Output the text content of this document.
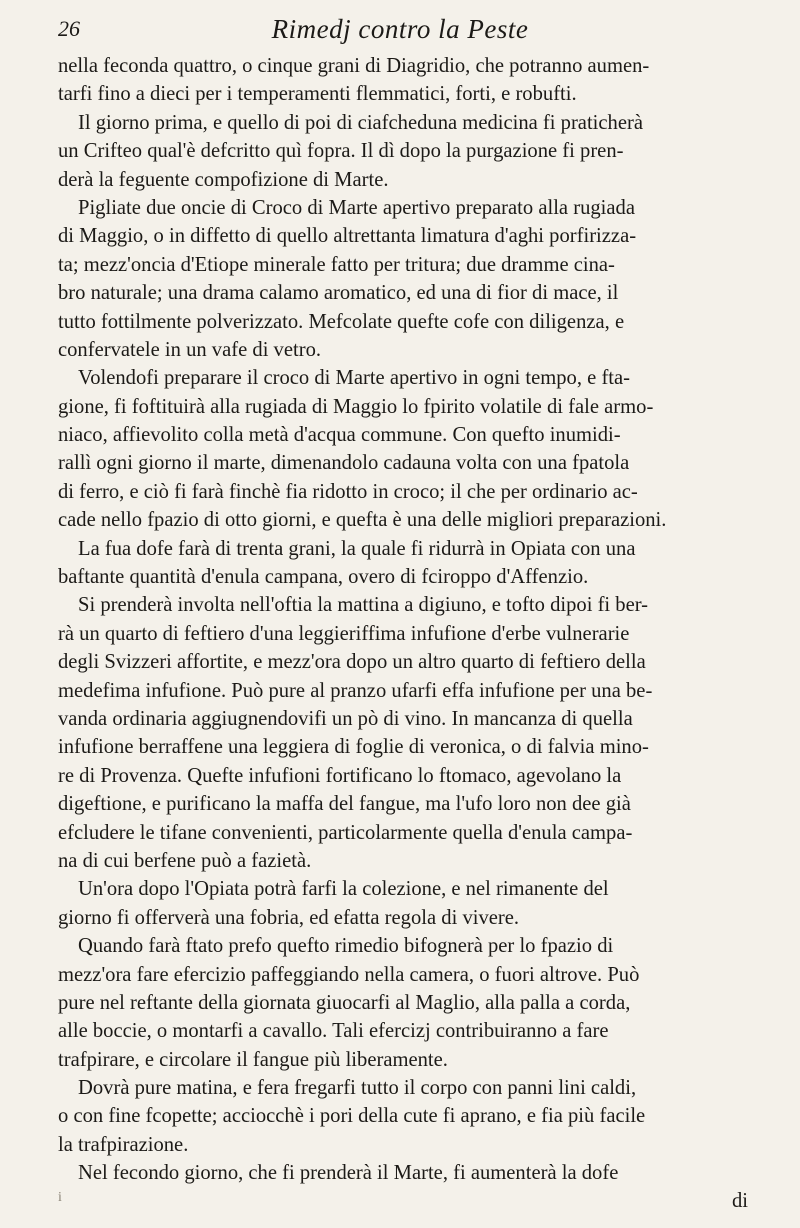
26	Rimedj contro la Peste
nella feconda quattro, o cinque grani di Diagridio, che potranno aumen-
tarfi fino a dieci per i temperamenti flemmatici, forti, e robufti.
Il giorno prima, e quello di poi di ciafcheduna medicina fi praticherà
un Crifteo qual'è defcritto quì fopra. Il dì dopo la purgazione fi pren-
derà la feguente compofizione di Marte.
Pigliate due oncie di Croco di Marte apertivo preparato alla rugiada
di Maggio, o in diffetto di quello altrettanta limatura d'aghi porfirizza-
ta; mezz'oncia d'Etiope minerale fatto per tritura; due dramme cina-
bro naturale; una drama calamo aromatico, ed una di fior di mace, il
tutto fottilmente polverizzato. Mefcolate quefte cofe con diligenza, e
confervatele in un vafe di vetro.
Volendofi preparare il croco di Marte apertivo in ogni tempo, e fta-
gione, fi foftituirà alla rugiada di Maggio lo fpirito volatile di fale armo-
niaco, affievolito colla metà d'acqua commune. Con quefto inumidi-
rallì ogni giorno il marte, dimenandolo cadauna volta con una fpatola
di ferro, e ciò fi farà finchè fia ridotto in croco; il che per ordinario ac-
cade nello fpazio di otto giorni, e quefta è una delle migliori preparazioni.
La fua dofe farà di trenta grani, la quale fi ridurrà in Opiata con una
baftante quantità d'enula campana, overo di fciroppo d'Affenzio.
Si prenderà involta nell'oftia la mattina a digiuno, e tofto dipoi fi ber-
rà un quarto di feftiero d'una leggieriffima infufione d'erbe vulnerarie
degli Svizzeri affortite, e mezz'ora dopo un altro quarto di feftiero della
medefima infufione. Può pure al pranzo ufarfi effa infufione per una be-
vanda ordinaria aggiugnendovifi un pò di vino. In mancanza di quella
infufione berraffene una leggiera di foglie di veronica, o di falvia mino-
re di Provenza. Quefte infufioni fortificano lo ftomaco, agevolano la
digeftione, e purificano la maffa del fangue, ma l'ufo loro non dee già
efcludere le tifane convenienti, particolarmente quella d'enula campa-
na di cui berfene può a fazietà.
Un'ora dopo l'Opiata potrà farfi la colezione, e nel rimanente del
giorno fi offerverà una fobria, ed efatta regola di vivere.
Quando farà ftato prefo quefto rimedio bifognerà per lo fpazio di
mezz'ora fare efercizio paffeggiando nella camera, o fuori altrove. Può
pure nel reftante della giornata giuocarfi al Maglio, alla palla a corda,
alle boccie, o montarfi a cavallo. Tali efercizj contribuiranno a fare
trafpirare, e circolare il fangue più liberamente.
Dovrà pure matina, e fera fregarfi tutto il corpo con panni lini caldi,
o con fine fcopette; acciocchè i pori della cute fi aprano, e fia più facile
la trafpirazione.
Nel fecondo giorno, che fi prenderà il Marte, fi aumenterà la dofe
i	di
